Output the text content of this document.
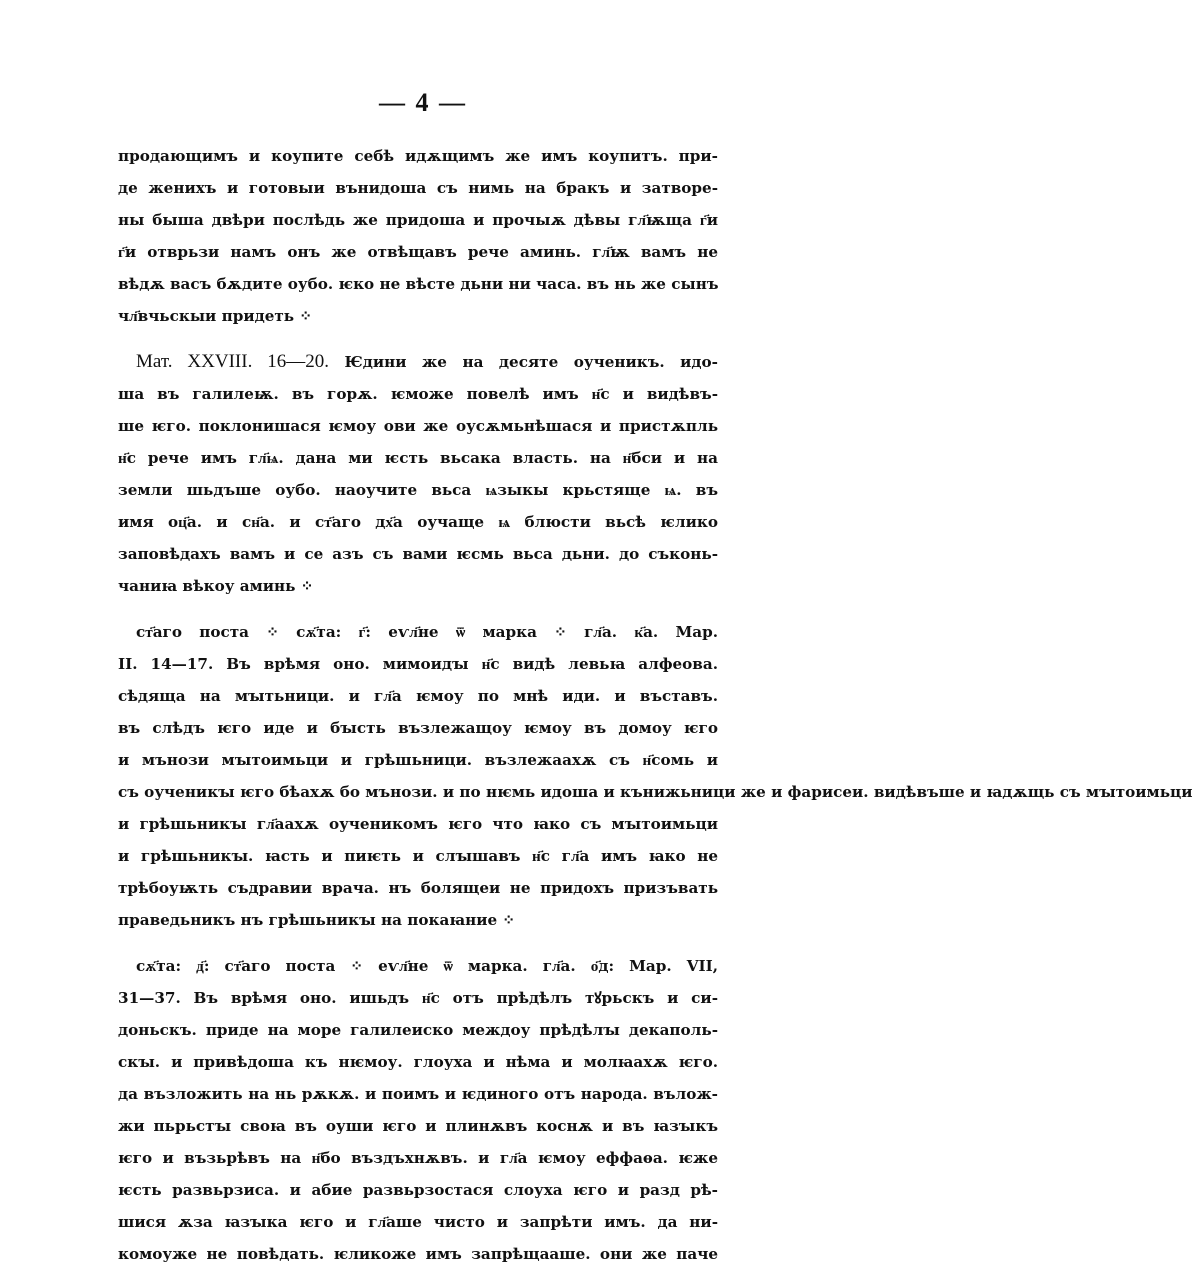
— 4 —
продающимъ и коупите себѣ идѫщимъ же имъ коупитъ. при-
де женихъ и готовыи вънидоша съ нимь на бракъ и затворе-
ны быша двѣри послѣдь же придоша и прочыѫ дѣвы гл҃ѭща г҃и
г҃и отврьзи намъ онъ же отвѣщавъ рече аминь. гл҃ѭ вамъ не
вѣдѫ васъ бѫдите оубо. ѥко не вѣсте дьни ни часа. въ нь же сынъ
чл҃вчьскыи придеть ⁘
Мат. XXVIII. 16—20. Ѥдини же на десяте оученикъ. идо-
ша въ галилеѭ. въ горѫ. ѥможе повелѣ имъ н҃с и видѣвъ-
ше ѥго. поклонишася ѥмоу ови же оусѫмьнѣшася и пристѫпль
н҃с рече имъ гл҃ѩ. дана ми ѥсть вьсака власть. на н҃бси и на
земли шьдъше оубо. наоучите вьса ѩзыкы крьстяще ѩ. въ
имя оц҃а. и сн҃а. и ст҃аго дх҃а оучаще ѩ блюсти вьсѣ ѥлико
заповѣдахъ вамъ и се азъ съ вами ѥсмь вьса дьни. до съконь-
чаниꙗ вѣкоу аминь ⁘
ст҃аго поста ⁘ сѫ҃та: г҃: еѵл҃не ѿ марка ⁘ гл҃а. к҃а. Мар.
II. 14—17. Въ врѣмя оно. мимоидꙑ н҃с видѣ левьꙗ алфеова.
сѣдяща на мꙑтьници. и гл҃а ѥмоу по мнѣ иди. и въставъ.
въ слѣдъ ѥго иде и бꙑсть възлежащоу ѥмоу въ домоу ѥго
и мънози мꙑтоимьци и грѣшьници. възлежаахѫ съ н҃сомь и
съ оученикꙑ ѥго бѣахѫ бо мънози. и по нѥмь идоша и кънижьници же и фарисеи. видѣвъше и ꙗдѫщь съ мꙑтоимьци
и грѣшьникꙑ гл҃аахѫ оученикомъ ѥго что ꙗко съ мꙑтоимьци
и грѣшьникꙑ. ꙗсть и пиѥть и слꙑшавъ н҃с гл҃а имъ ꙗко не
трѣбоуѭть съдравии врача. нъ болящеи не придохъ призъвать
праведьникъ нъ грѣшьникꙑ на покаꙗние ⁘
сѫ҃та: д҃: ст҃аго поста ⁘ еѵл҃не ѿ марка. гл҃а. о҃д: Мар. VII,
31—37. Въ врѣмя оно. ишьдъ н҃с отъ прѣдѣлъ тꙋрьскъ и си-
доньскъ. приде на море галилеиско междоу прѣдѣлꙑ декаполь-
скꙑ. и привѣдоша къ нѥмоу. глоуха и нѣма и молꙗахѫ ѥго.
да възложить на нь рѫкѫ. и поимъ и ѥдиного отъ народа. вълож-
жи пьрьстꙑ своꙗ въ оуши ѥго и плинѫвъ коснѫ и въ ꙗзꙑкъ
ѥго и възьрѣвъ на н҃бо въздъхнѫвъ. и гл҃а ѥмоу еффаѳа. ѥже
ѥсть развьрзиса. и абие развьрзостася слоуха ѥго и разд рѣ-
шися ѫза ꙗзꙑка ѥго и гл҃аше чисто и запрѣти имъ. да ни-
комоуже не повѣдать. ѥликоже имъ запрѣщааше. они же паче
